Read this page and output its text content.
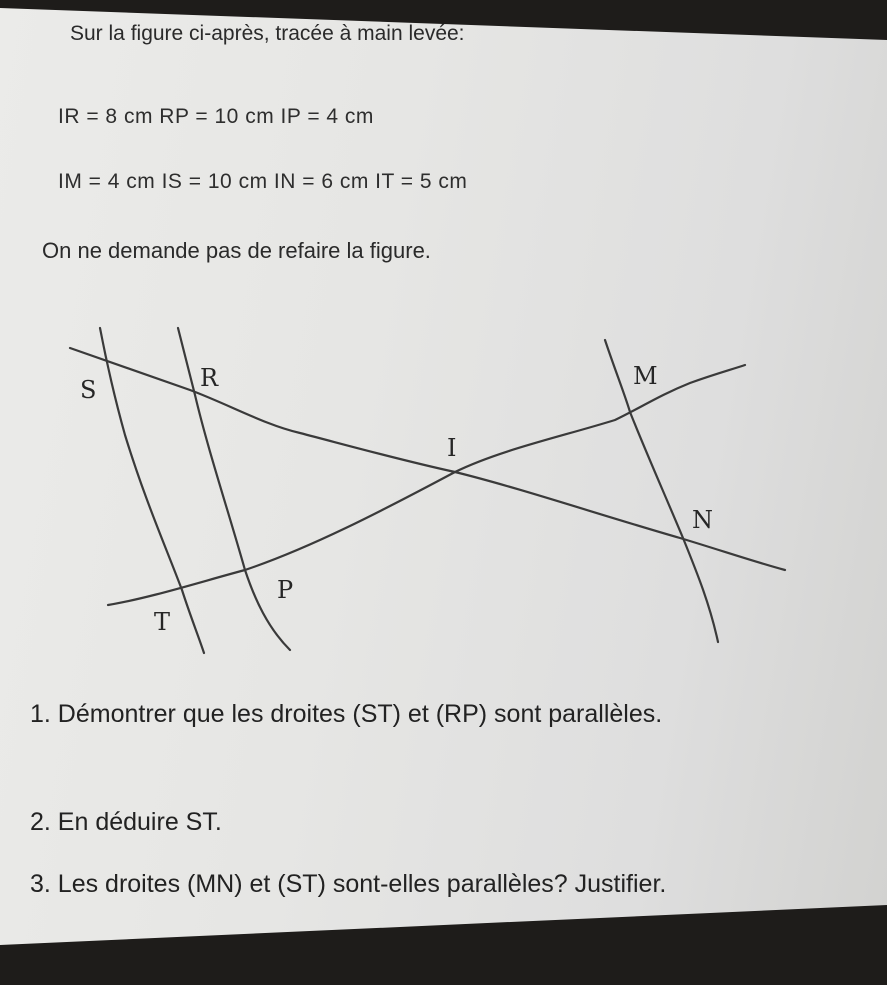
Sur la figure ci-après, tracée à main levée:
IR = 8 cm RP = 10 cm IP = 4 cm
IM = 4 cm IS = 10 cm IN = 6 cm IT = 5 cm
On ne demande pas de refaire la figure.
S	R
I
M
N
P
T
1. Démontrer que les droites (ST) et (RP) sont parallèles.
2. En déduire ST.
3. Les droites (MN) et (ST) sont-elles parallèles? Justifier.
